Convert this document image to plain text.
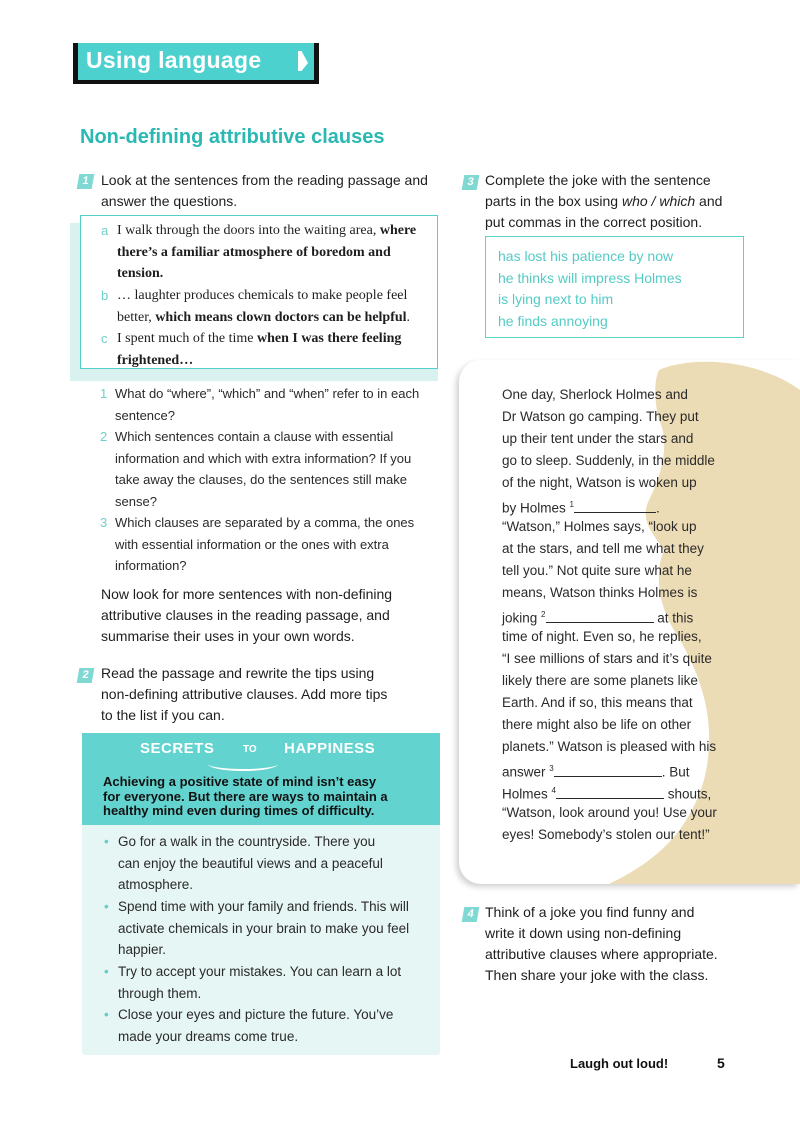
Using language
Non-defining attributive clauses
1 Look at the sentences from the reading passage and
answer the questions.
a I walk through the doors into the waiting area, where there’s a familiar atmosphere of boredom and tension.
b … laughter produces chemicals to make people feel better, which means clown doctors can be helpful.
c I spent much of the time when I was there feeling frightened…
1 What do “where”, “which” and “when” refer to in each sentence?
2 Which sentences contain a clause with essential information and which with extra information? If you take away the clauses, do the sentences still make sense?
3 Which clauses are separated by a comma, the ones with essential information or the ones with extra information?
Now look for more sentences with non-defining
attributive clauses in the reading passage, and
summarise their uses in your own words.
2 Read the passage and rewrite the tips using
non-defining attributive clauses. Add more tips
to the list if you can.
SECRETS	TO HAPPINESS
Achieving a positive state of mind isn’t easy
for everyone. But there are ways to maintain a
healthy mind even during times of difficulty.
• Go for a walk in the countryside. There you
can enjoy the beautiful views and a peaceful
atmosphere.
• Spend time with your family and friends. This will
activate chemicals in your brain to make you feel
happier.
• Try to accept your mistakes. You can learn a lot
through them.
• Close your eyes and picture the future. You’ve
made your dreams come true.
3 Complete the joke with the sentence
parts in the box using who / which and
put commas in the correct position.
has lost his patience by now
he thinks will impress Holmes
is lying next to him
he finds annoying
One day, Sherlock Holmes and
Dr Watson go camping. They put
up their tent under the stars and
go to sleep. Suddenly, in the middle
of the night, Watson is woken up
by Holmes $^1$	.
“Watson,” Holmes says, “look up
at the stars, and tell me what they
tell you.” Not quite sure what he
means, Watson thinks Holmes is
joking $^2$	at this
time of night. Even so, he replies,
“I see millions of stars and it’s quite
likely there are some planets like
Earth. And if so, this means that
there might also be life on other
planets.” Watson is pleased with his
answer $^3$	. But
Holmes $^4$	shouts,
“Watson, look around you! Use your
eyes! Somebody’s stolen our tent!”
4 Think of a joke you find funny and
write it down using non-defining
attributive clauses where appropriate.
Then share your joke with the class.
Laugh out loud!	5
